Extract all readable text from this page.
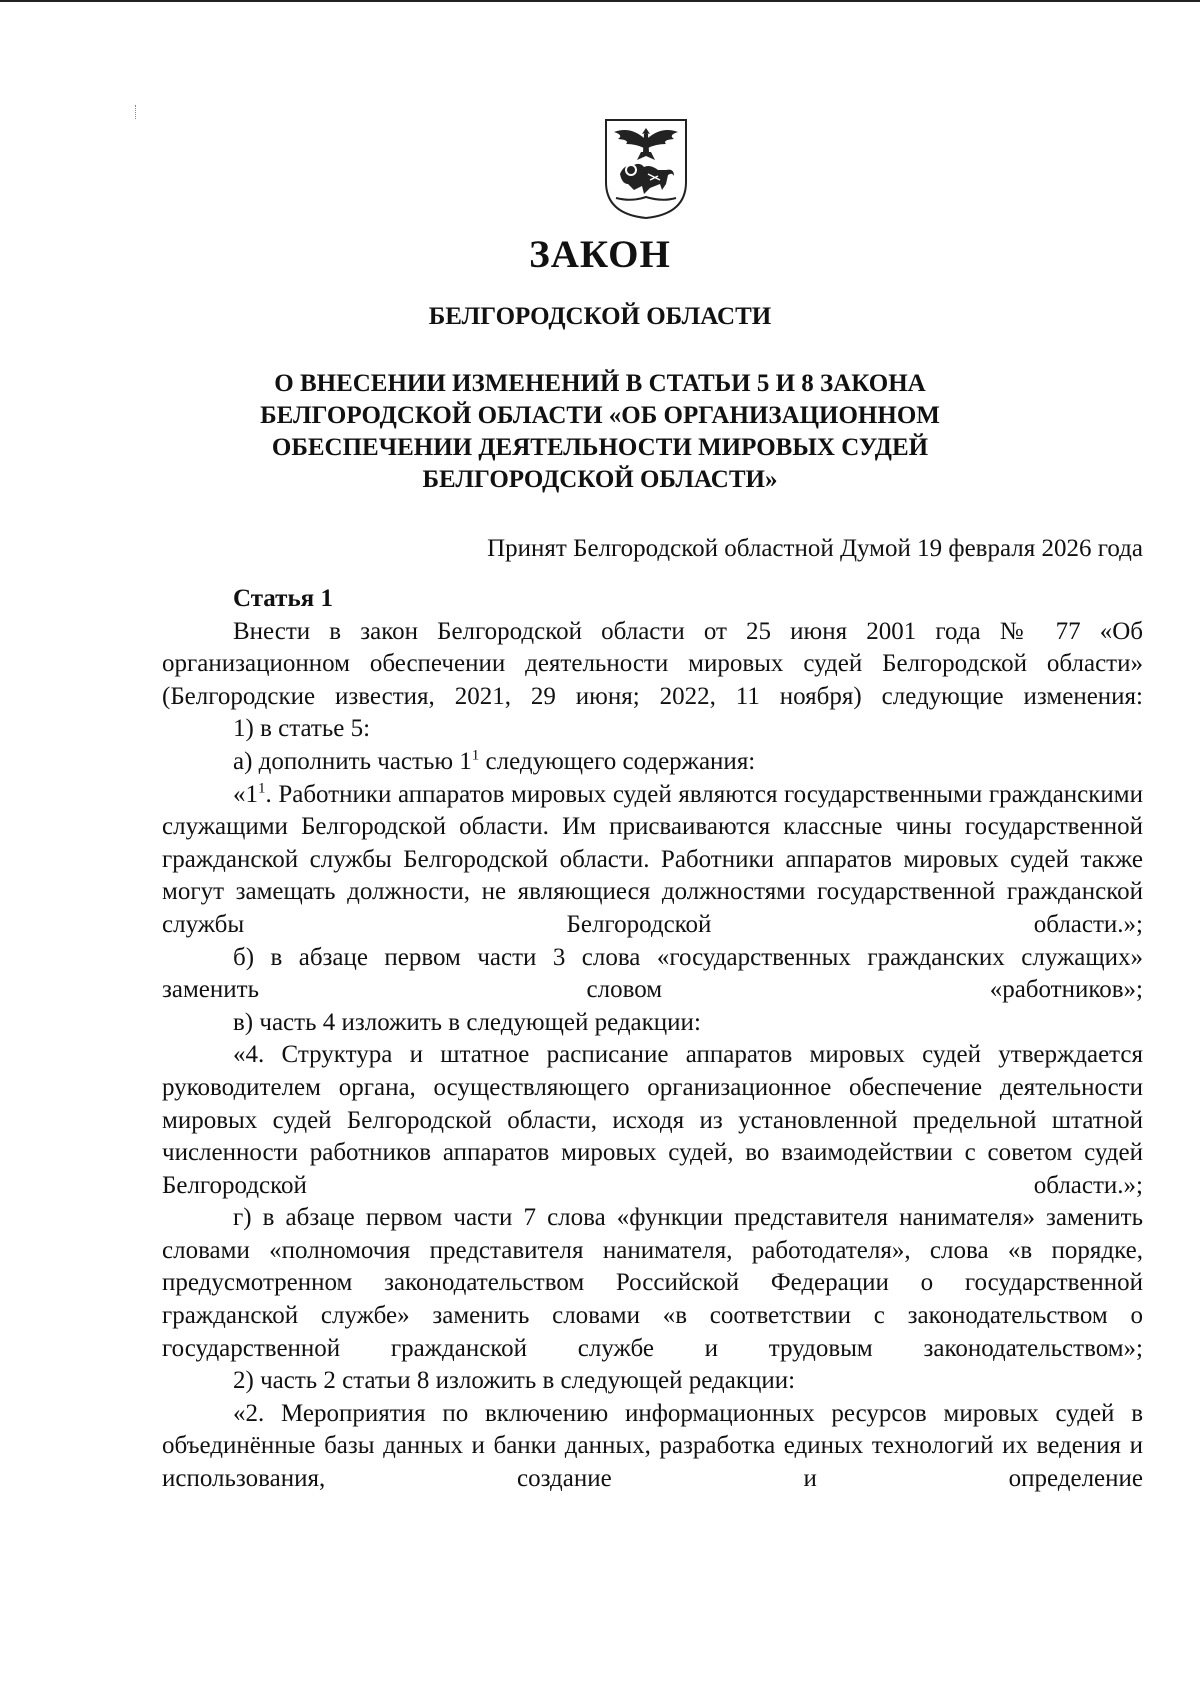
ЗАКОН
БЕЛГОРОДСКОЙ ОБЛАСТИ
О ВНЕСЕНИИ ИЗМЕНЕНИЙ В СТАТЬИ 5 И 8 ЗАКОНА
БЕЛГОРОДСКОЙ ОБЛАСТИ «ОБ ОРГАНИЗАЦИОННОМ
ОБЕСПЕЧЕНИИ ДЕЯТЕЛЬНОСТИ МИРОВЫХ СУДЕЙ
БЕЛГОРОДСКОЙ ОБЛАСТИ»

Принят Белгородской областной Думой 19 февраля 2026 года

Статья 1

Внести в закон Белгородской области от 25 июня 2001 года № 77 «Об организационном обеспечении деятельности мировых судей Белгородской области» (Белгородские известия, 2021, 29 июня; 2022, 11 ноября) следующие изменения:

1) в статье 5:

а) дополнить частью $1^1$ следующего содержания:

«$1^1$. Работники аппаратов мировых судей являются государственными гражданскими служащими Белгородской области. Им присваиваются классные чины государственной гражданской службы Белгородской области. Работники аппаратов мировых судей также могут замещать должности, не являющиеся должностями государственной гражданской службы Белгородской области.»;

б) в абзаце первом части 3 слова «государственных гражданских служащих» заменить словом «работников»;

в) часть 4 изложить в следующей редакции:

«4. Структура и штатное расписание аппаратов мировых судей утверждается руководителем органа, осуществляющего организационное обеспечение деятельности мировых судей Белгородской области, исходя из установленной предельной штатной численности работников аппаратов мировых судей, во взаимодействии с советом судей Белгородской области.»;

г) в абзаце первом части 7 слова «функции представителя нанимателя» заменить словами «полномочия представителя нанимателя, работодателя», слова «в порядке, предусмотренном законодательством Российской Федерации о государственной гражданской службе» заменить словами «в соответствии с законодательством о государственной гражданской службе и трудовым законодательством»;

2) часть 2 статьи 8 изложить в следующей редакции:

«2. Мероприятия по включению информационных ресурсов мировых судей в объединённые базы данных и банки данных, разработка единых технологий их ведения и использования, создание и определение
